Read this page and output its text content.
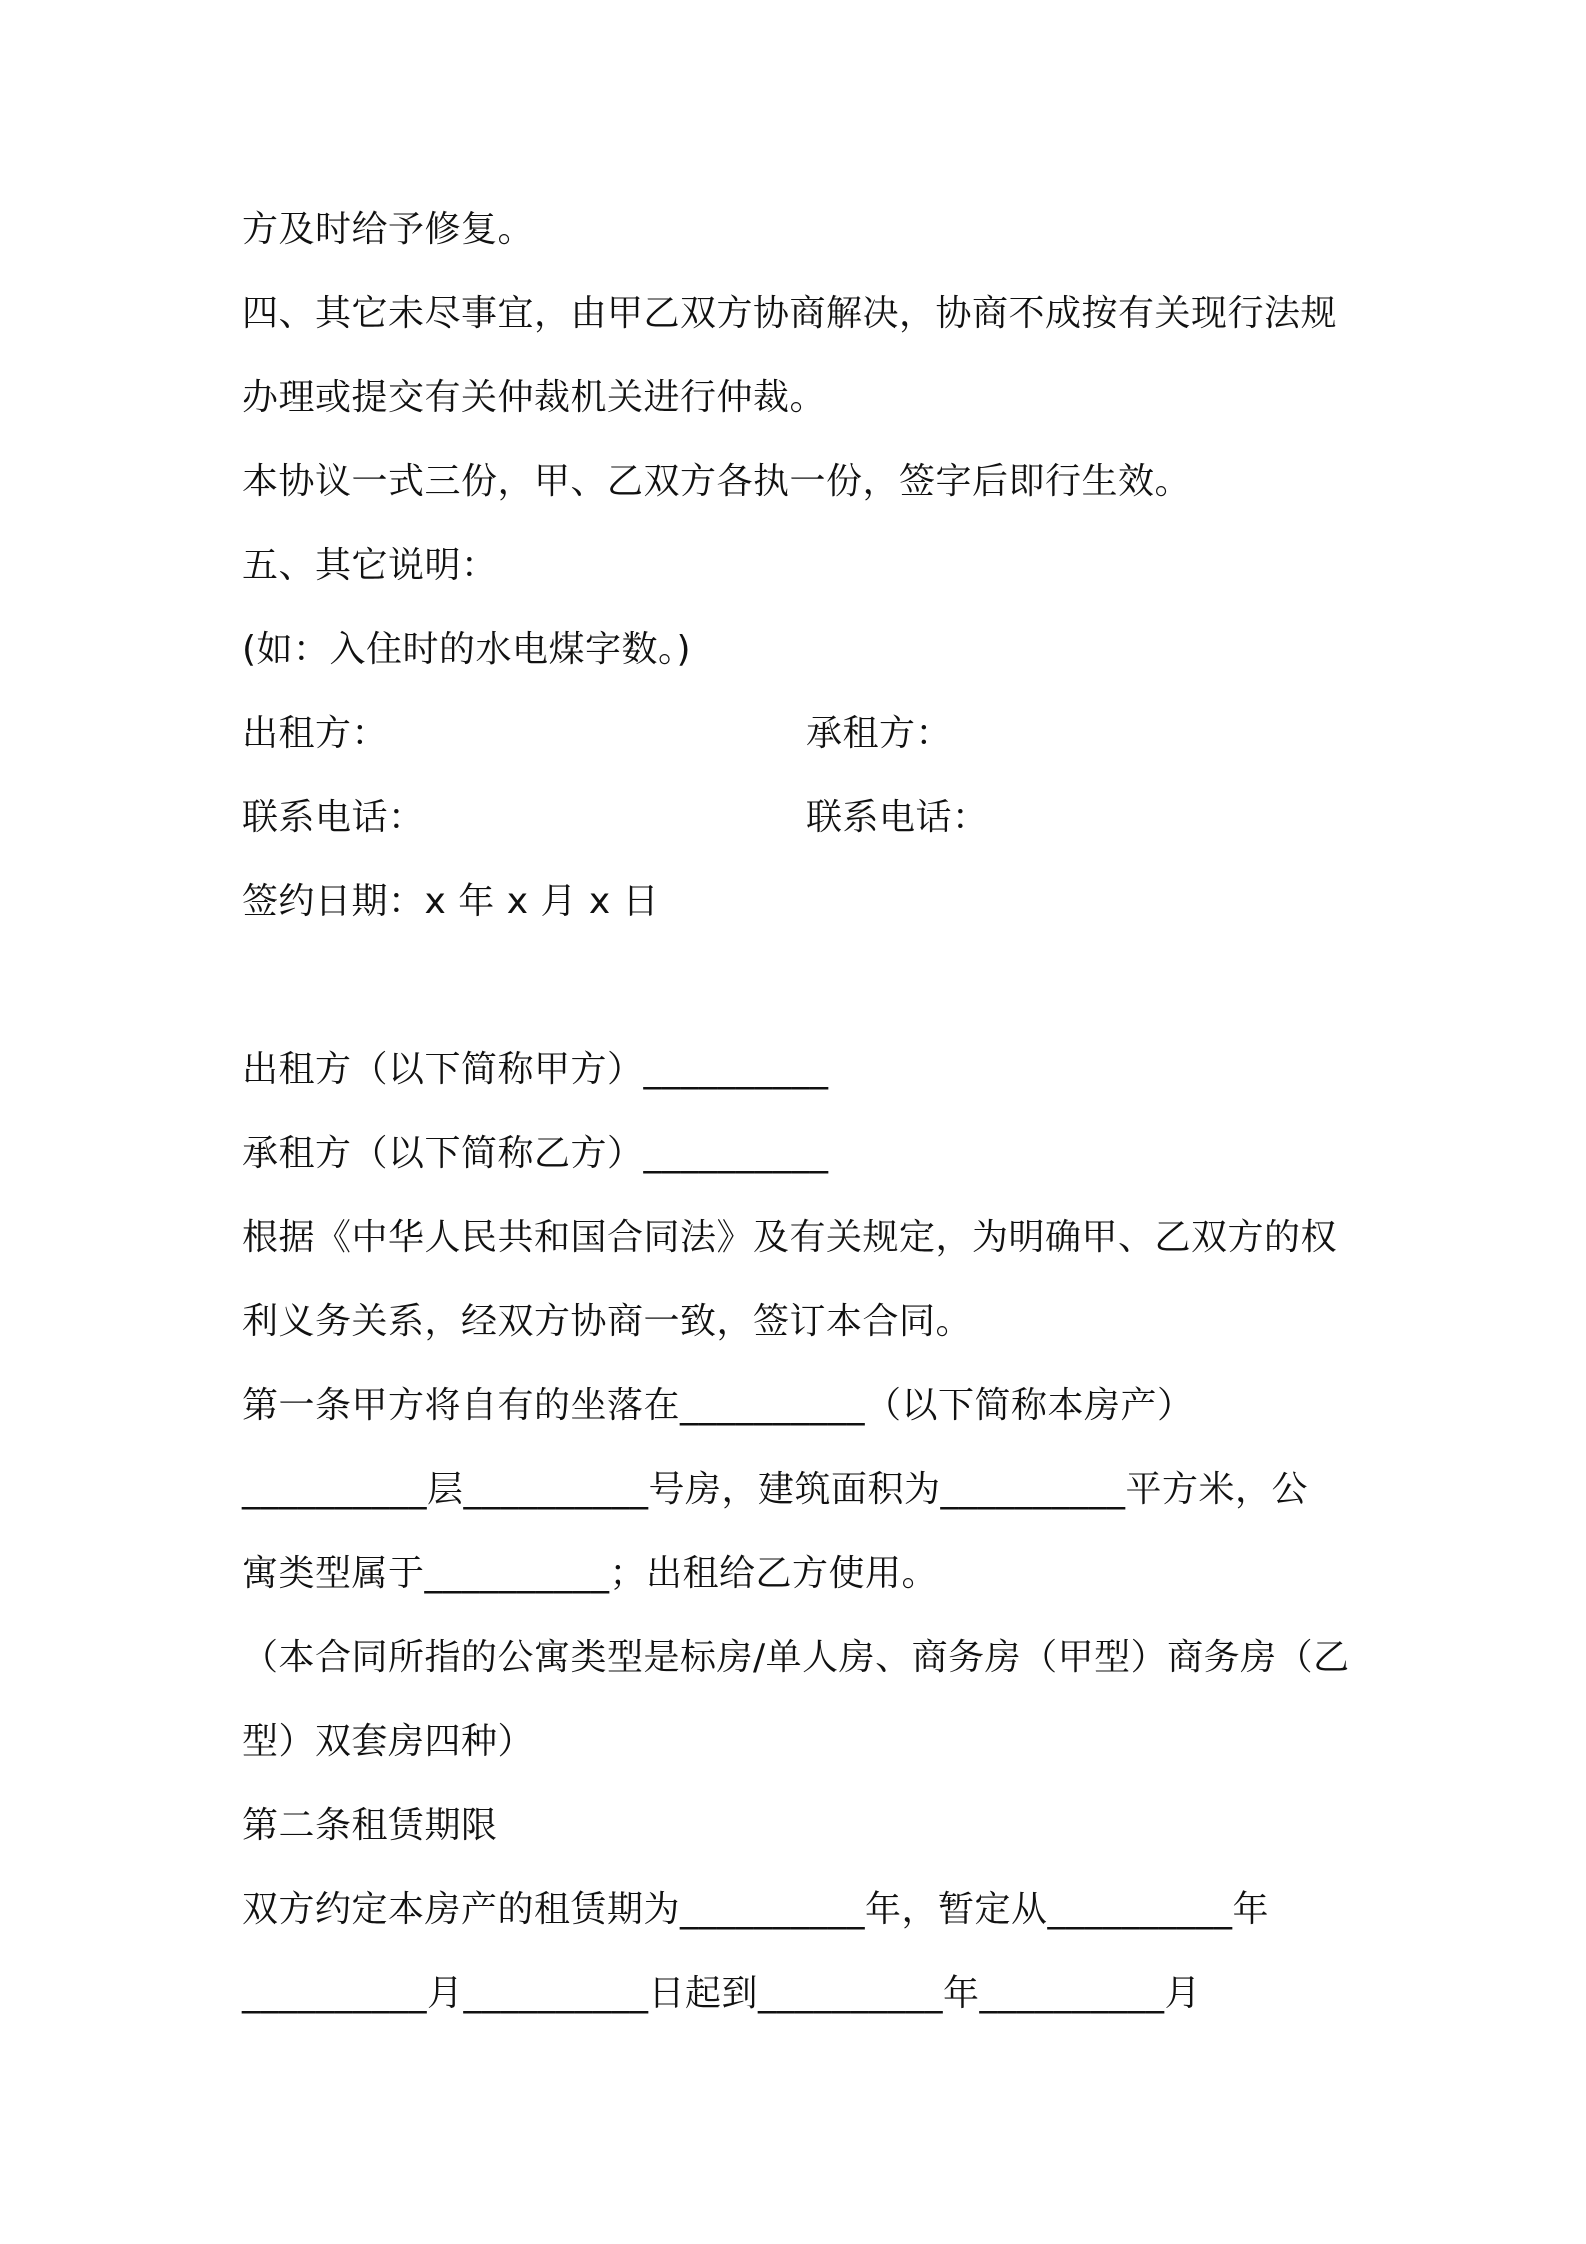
方及时给予修复。
四、其它未尽事宜，由甲乙双方协商解决，协商不成按有关现行法规
办理或提交有关仲裁机关进行仲裁。
本协议一式三份，甲、乙双方各执一份，签字后即行生效。
五、其它说明：
(如：入住时的水电煤字数。)
出租方：	承租方：
联系电话：	联系电话：
签约日期：x 年 x 月 x 日
出租方（以下简称甲方）__________
承租方（以下简称乙方）__________
根据《中华人民共和国合同法》及有关规定，为明确甲、乙双方的权
利义务关系，经双方协商一致，签订本合同。
第一条甲方将自有的坐落在__________（以下简称本房产）
__________层__________号房，建筑面积为__________平方米，公
寓类型属于__________；出租给乙方使用。
（本合同所指的公寓类型是标房/单人房、商务房（甲型）商务房（乙
型）双套房四种）
第二条租赁期限
双方约定本房产的租赁期为__________年，暂定从__________年
__________月__________日起到__________年__________月
